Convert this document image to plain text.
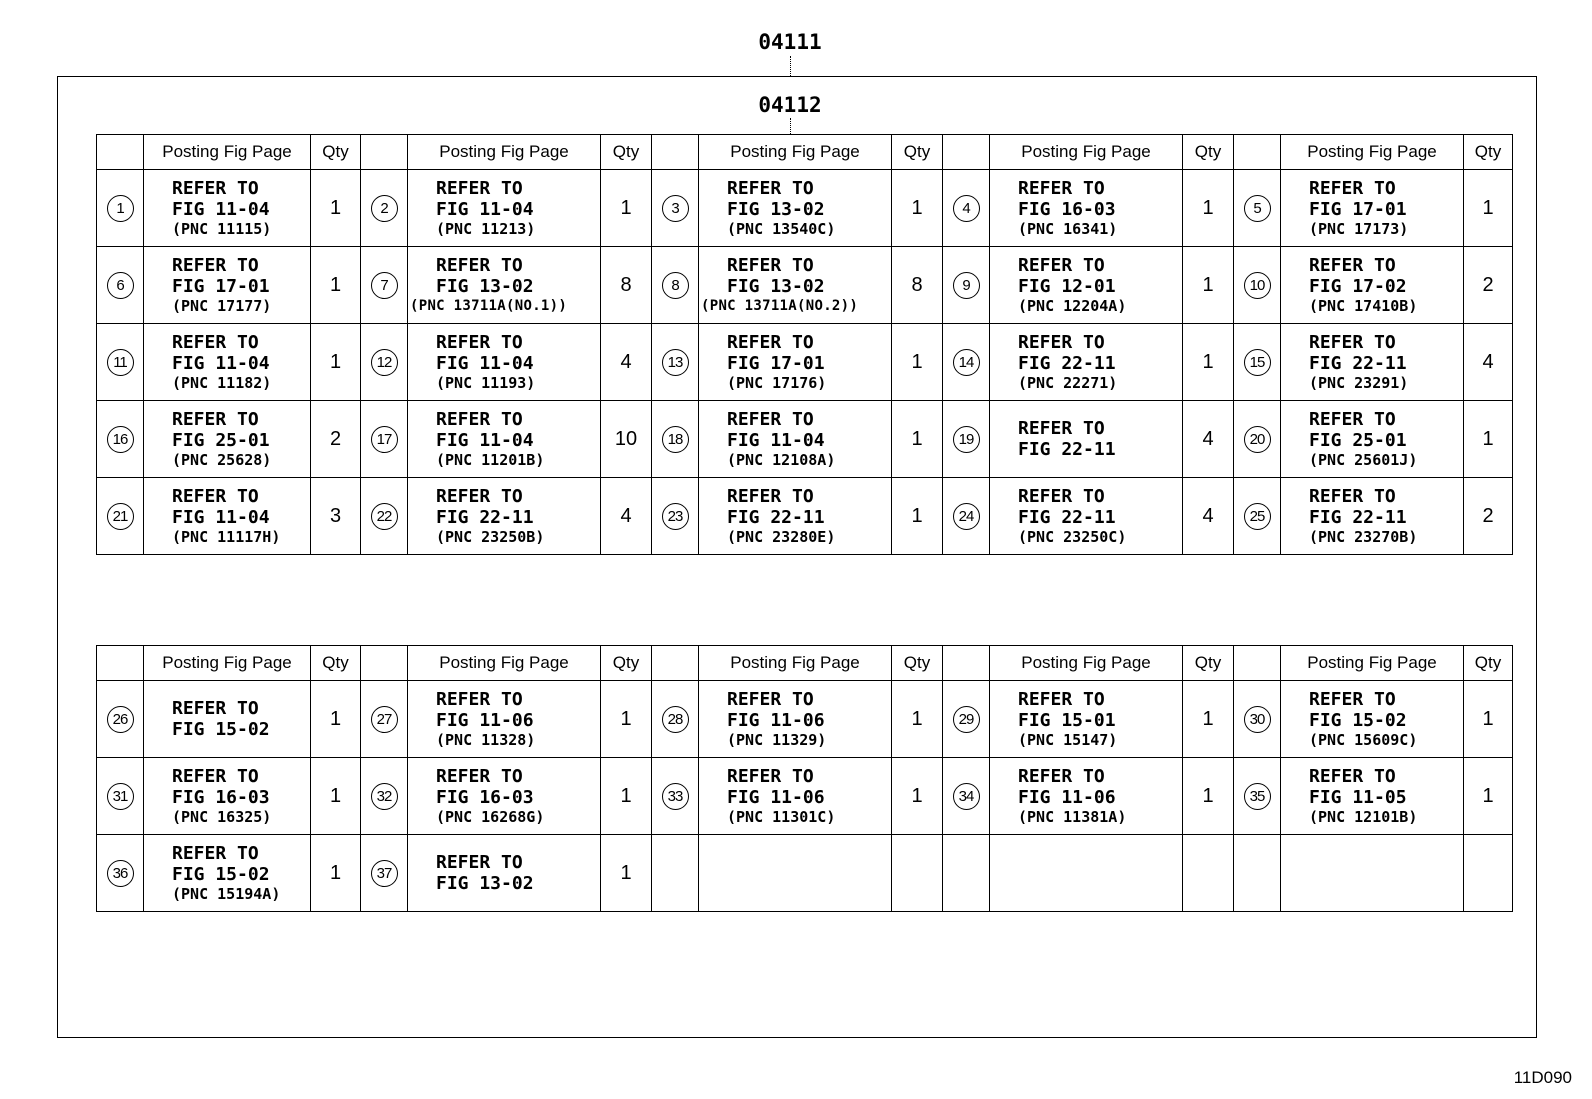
04111
04112
	Posting Fig Page	Qty		Posting Fig Page	Qty		Posting Fig Page	Qty		Posting Fig Page	Qty		Posting Fig Page	Qty
1	REFER TO
FIG 11-04
(PNC 11115)	1	2	REFER TO
FIG 11-04
(PNC 11213)	1	3	REFER TO
FIG 13-02
(PNC 13540C)	1	4	REFER TO
FIG 16-03
(PNC 16341)	1	5	REFER TO
FIG 17-01
(PNC 17173)	1
6	REFER TO
FIG 17-01
(PNC 17177)	1	7	REFER TO
FIG 13-02
(PNC 13711A(NO.1))	8	8	REFER TO
FIG 13-02
(PNC 13711A(NO.2))	8	9	REFER TO
FIG 12-01
(PNC 12204A)	1	10	REFER TO
FIG 17-02
(PNC 17410B)	2
11	REFER TO
FIG 11-04
(PNC 11182)	1	12	REFER TO
FIG 11-04
(PNC 11193)	4	13	REFER TO
FIG 17-01
(PNC 17176)	1	14	REFER TO
FIG 22-11
(PNC 22271)	1	15	REFER TO
FIG 22-11
(PNC 23291)	4
16	REFER TO
FIG 25-01
(PNC 25628)	2	17	REFER TO
FIG 11-04
(PNC 11201B)	10	18	REFER TO
FIG 11-04
(PNC 12108A)	1	19	REFER TO
FIG 22-11	4	20	REFER TO
FIG 25-01
(PNC 25601J)	1
21	REFER TO
FIG 11-04
(PNC 11117H)	3	22	REFER TO
FIG 22-11
(PNC 23250B)	4	23	REFER TO
FIG 22-11
(PNC 23280E)	1	24	REFER TO
FIG 22-11
(PNC 23250C)	4	25	REFER TO
FIG 22-11
(PNC 23270B)	2
	Posting Fig Page	Qty		Posting Fig Page	Qty		Posting Fig Page	Qty		Posting Fig Page	Qty		Posting Fig Page	Qty
26	REFER TO
FIG 15-02	1	27	REFER TO
FIG 11-06
(PNC 11328)	1	28	REFER TO
FIG 11-06
(PNC 11329)	1	29	REFER TO
FIG 15-01
(PNC 15147)	1	30	REFER TO
FIG 15-02
(PNC 15609C)	1
31	REFER TO
FIG 16-03
(PNC 16325)	1	32	REFER TO
FIG 16-03
(PNC 16268G)	1	33	REFER TO
FIG 11-06
(PNC 11301C)	1	34	REFER TO
FIG 11-06
(PNC 11381A)	1	35	REFER TO
FIG 11-05
(PNC 12101B)	1
36	REFER TO
FIG 15-02
(PNC 15194A)	1	37	REFER TO
FIG 13-02	1									
11D090
